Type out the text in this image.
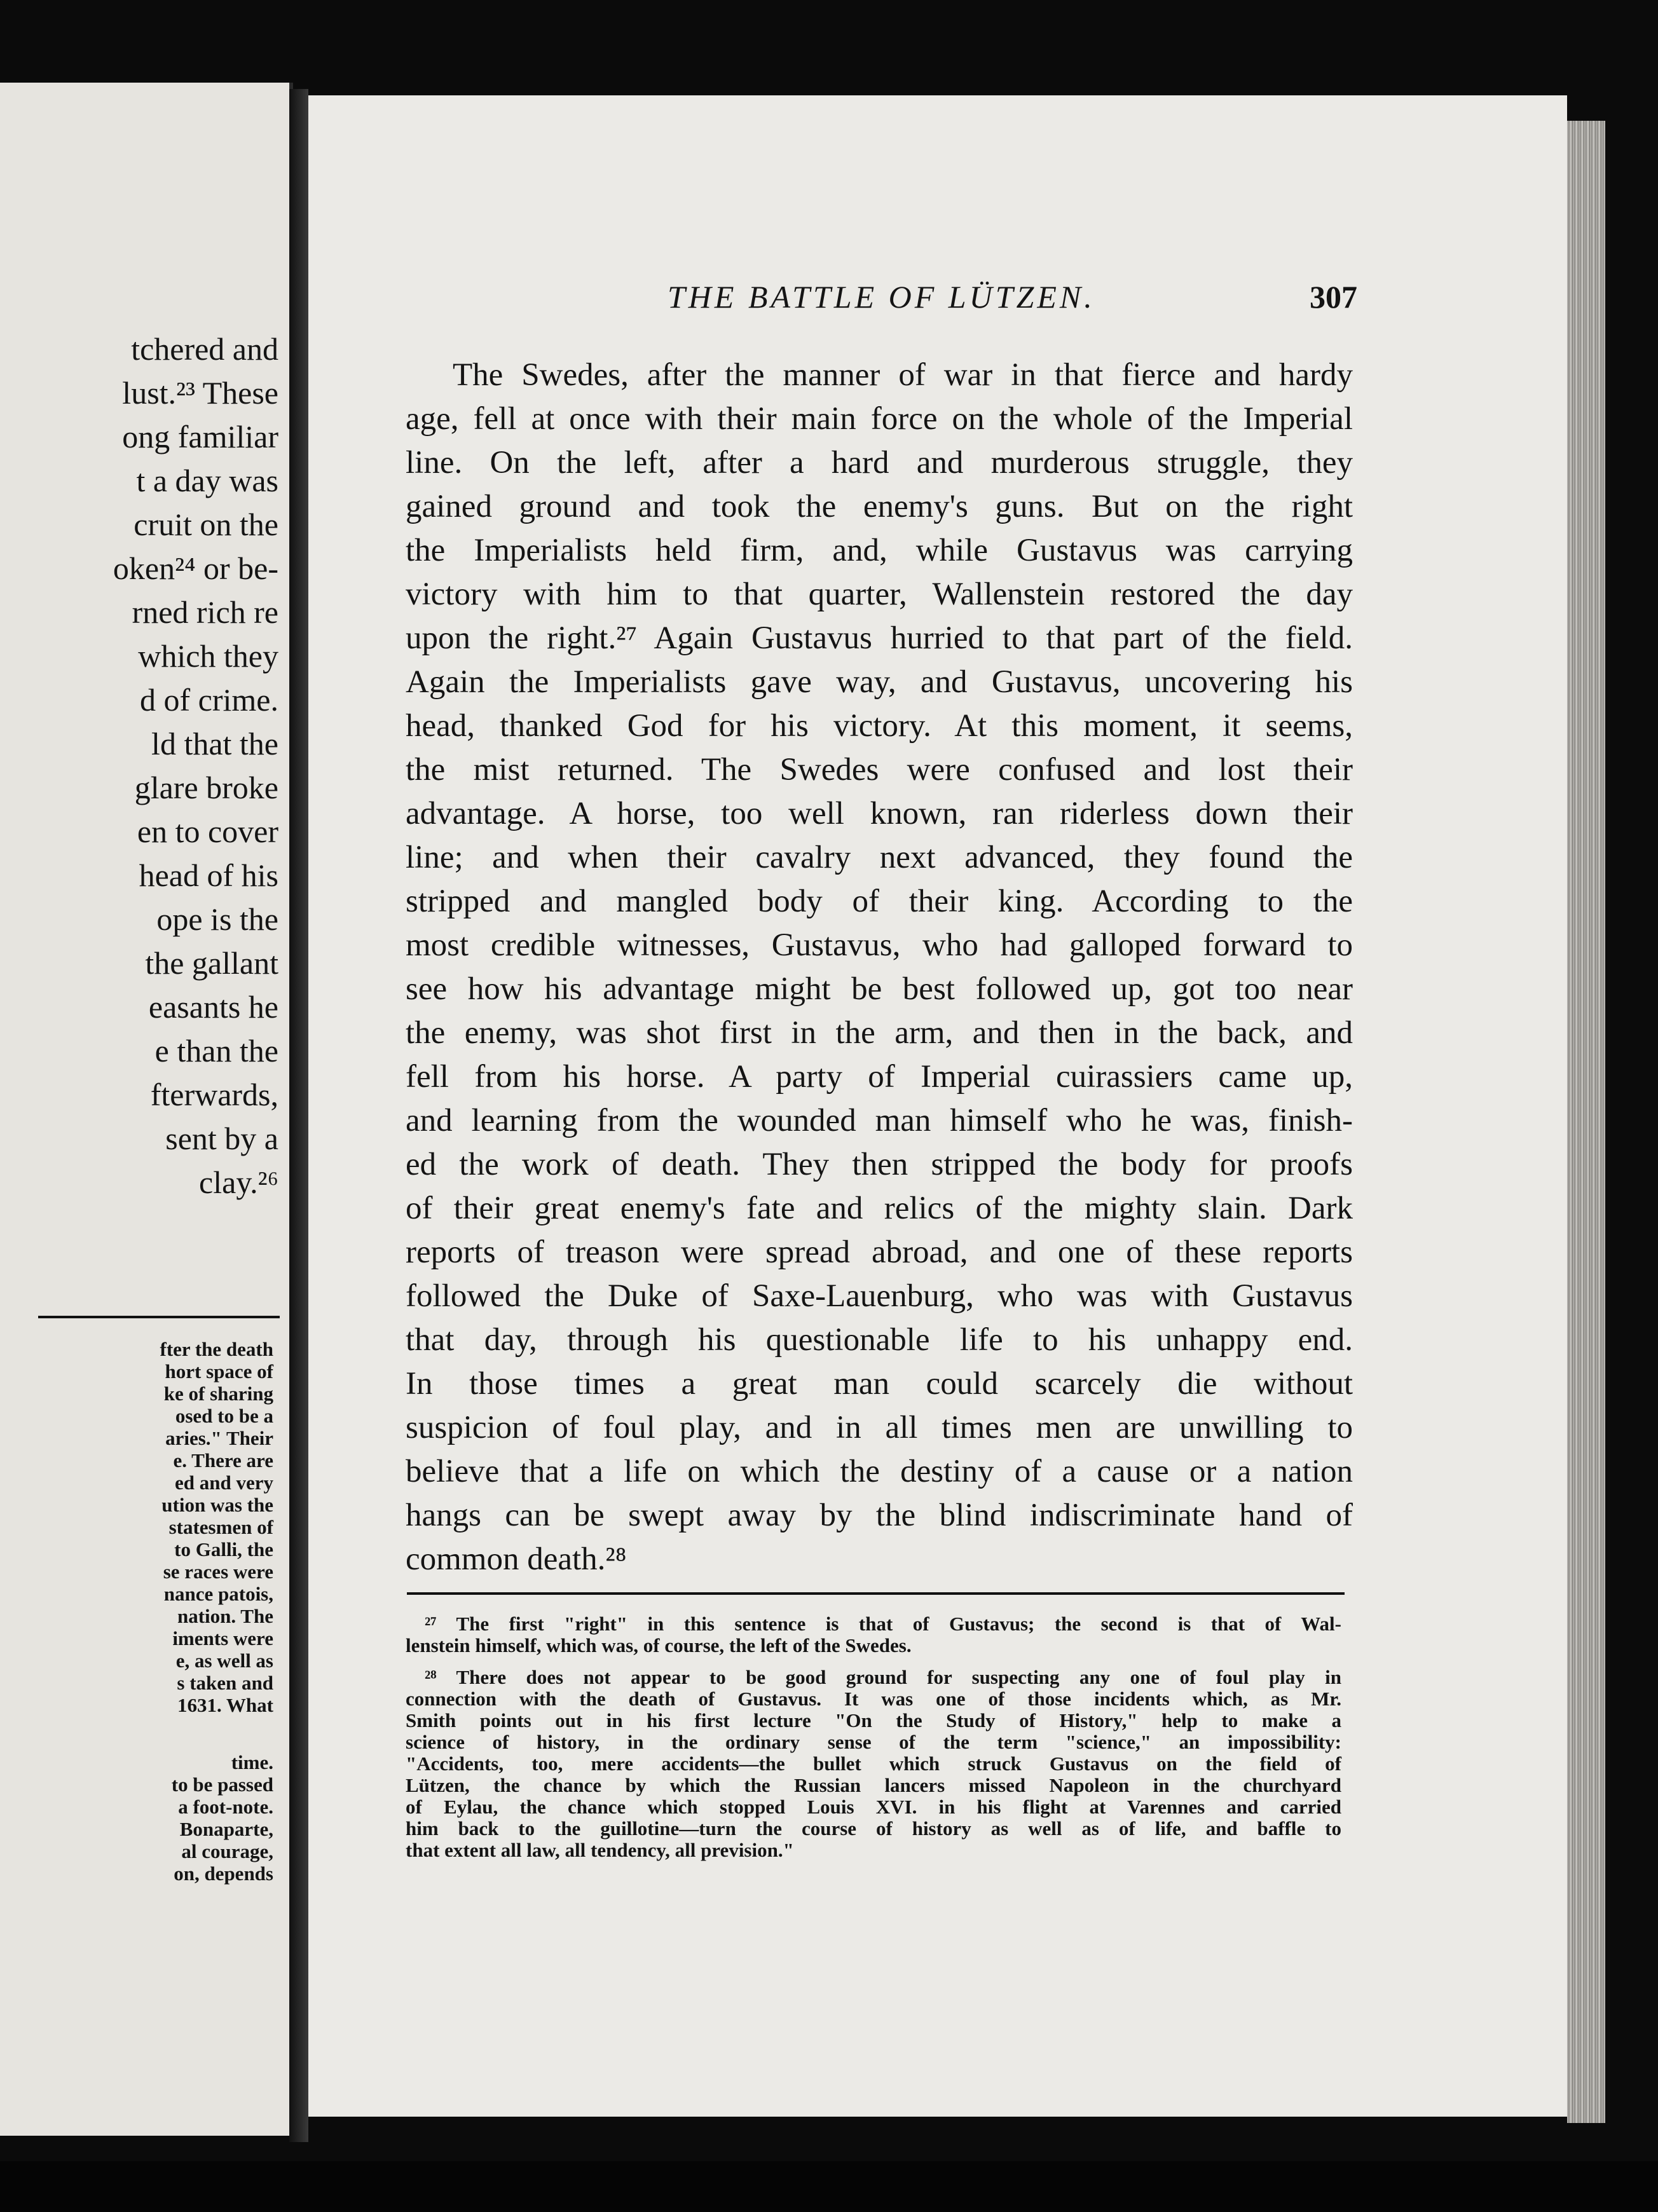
tchered and
lust.²³ These
ong familiar
t a day was
cruit on the
oken²⁴ or be-
rned rich re
which they
d of crime.
ld that the
glare broke
en to cover
head of his
ope is the
the gallant
easants he
e than the
fterwards,
sent by a
clay.²⁶
fter the death
hort space of
ke of sharing
osed to be a
aries." Their
e. There are
ed and very
ution was the
statesmen of
to Galli, the
se races were
nance patois,
nation. The
iments were
e, as well as
s taken and
1631. What
time.
to be passed
a foot-note.
Bonaparte,
al courage,
on, depends
THE BATTLE OF LÜTZEN.	307
The Swedes, after the manner of war in that fierce and hardy
age, fell at once with their main force on the whole of the Imperial
line. On the left, after a hard and murderous struggle, they
gained ground and took the enemy's guns. But on the right
the Imperialists held firm, and, while Gustavus was carrying
victory with him to that quarter, Wallenstein restored the day
upon the right.²⁷ Again Gustavus hurried to that part of the field.
Again the Imperialists gave way, and Gustavus, uncovering his
head, thanked God for his victory. At this moment, it seems,
the mist returned. The Swedes were confused and lost their
advantage. A horse, too well known, ran riderless down their
line; and when their cavalry next advanced, they found the
stripped and mangled body of their king. According to the
most credible witnesses, Gustavus, who had galloped forward to
see how his advantage might be best followed up, got too near
the enemy, was shot first in the arm, and then in the back, and
fell from his horse. A party of Imperial cuirassiers came up,
and learning from the wounded man himself who he was, finish-
ed the work of death. They then stripped the body for proofs
of their great enemy's fate and relics of the mighty slain. Dark
reports of treason were spread abroad, and one of these reports
followed the Duke of Saxe-Lauenburg, who was with Gustavus
that day, through his questionable life to his unhappy end.
In those times a great man could scarcely die without
suspicion of foul play, and in all times men are unwilling to
believe that a life on which the destiny of a cause or a nation
hangs can be swept away by the blind indiscriminate hand of
common death.²⁸
²⁷ The first "right" in this sentence is that of Gustavus; the second is that of Wal-
lenstein himself, which was, of course, the left of the Swedes.
²⁸ There does not appear to be good ground for suspecting any one of foul play in
connection with the death of Gustavus. It was one of those incidents which, as Mr.
Smith points out in his first lecture "On the Study of History," help to make a
science of history, in the ordinary sense of the term "science," an impossibility:
"Accidents, too, mere accidents—the bullet which struck Gustavus on the field of
Lützen, the chance by which the Russian lancers missed Napoleon in the churchyard
of Eylau, the chance which stopped Louis XVI. in his flight at Varennes and carried
him back to the guillotine—turn the course of history as well as of life, and baffle to
that extent all law, all tendency, all prevision."
